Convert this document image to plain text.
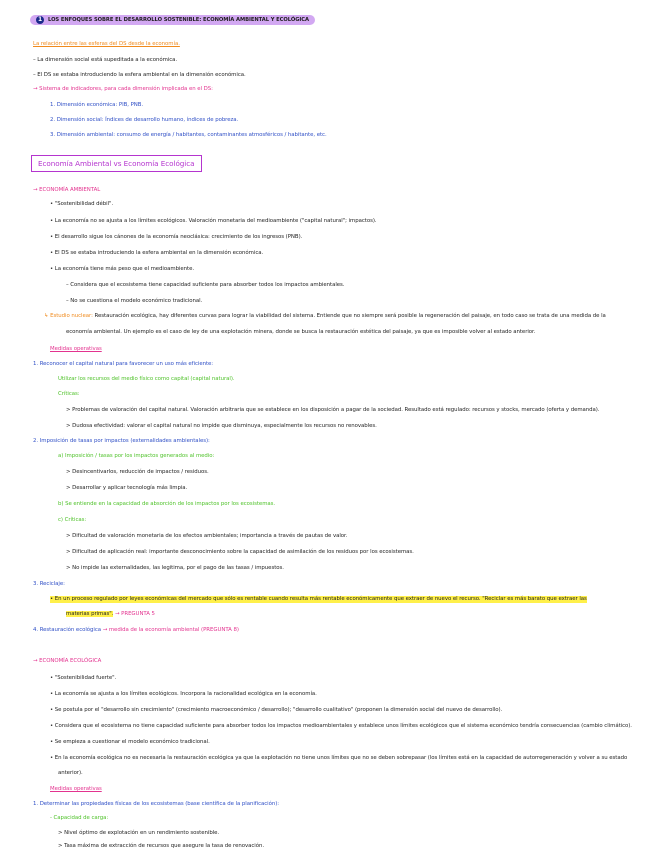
1 LOS ENFOQUES SOBRE EL DESARROLLO SOSTENIBLE: ECONOMÍA AMBIENTAL Y ECOLÓGICA
La relación entre las esferas del DS desde la economía.
– La dimensión social está supeditada a la económica.
– El DS se estaba introduciendo la esfera ambiental en la dimensión económica.
→ Sistema de indicadores, para cada dimensión implicada en el DS:
1. Dimensión económica: PIB, PNB.
2. Dimensión social: Índices de desarrollo humano, índices de pobreza.
3. Dimensión ambiental: consumo de energía / habitantes, contaminantes atmosféricos / habitante, etc.
Economía Ambiental vs Economía Ecológica
→ ECONOMÍA AMBIENTAL
• "Sostenibilidad débil".
• La economía no se ajusta a los límites ecológicos. Valoración monetaria del medioambiente ("capital natural"; impactos).
• El desarrollo sigue los cánones de la economía neoclásica: crecimiento de los ingresos (PNB).
• El DS se estaba introduciendo la esfera ambiental en la dimensión económica.
• La economía tiene más peso que el medioambiente.
– Considera que el ecosistema tiene capacidad suficiente para absorber todos los impactos ambientales.
– No se cuestiona el modelo económico tradicional.
↳ Estudio nuclear: Restauración ecológica, hay diferentes curvas para lograr la viabilidad del sistema. Entiende que no siempre será posible la regeneración del paisaje, en todo caso se trata de una medida de la
economía ambiental. Un ejemplo es el caso de ley de una explotación minera, donde se busca la restauración estética del paisaje, ya que es imposible volver al estado anterior.
Medidas operativas
1. Reconocer el capital natural para favorecer un uso más eficiente:
Utilizar los recursos del medio físico como capital (capital natural).
Críticas:
> Problemas de valoración del capital natural. Valoración arbitraria que se establece en los disposición a pagar de la sociedad. Resultado está regulado: recursos y stocks, mercado (oferta y demanda).
> Dudosa efectividad: valorar el capital natural no impide que disminuya, especialmente los recursos no renovables.
2. Imposición de tasas por impactos (externalidades ambientales):
a) Imposición / tasas por los impactos generados al medio:
> Desincentivarlos, reducción de impactos / residuos.
> Desarrollar y aplicar tecnología más limpia.
b) Se entiende en la capacidad de absorción de los impactos por los ecosistemas.
c) Críticas:
> Dificultad de valoración monetaria de los efectos ambientales; importancia a través de pautas de valor.
> Dificultad de aplicación real: importante desconocimiento sobre la capacidad de asimilación de los residuos por los ecosistemas.
> No impide las externalidades, las legitima, por el pago de las tasas / impuestos.
3. Reciclaje:
• En un proceso regulado por leyes económicas del mercado que sólo es rentable cuando resulta más rentable económicamente que extraer de nuevo el recurso. "Reciclar es más barato que extraer las
materias primas". → PREGUNTA 5
4. Restauración ecológica → medida de la economía ambiental (PREGUNTA 8)
→ ECONOMÍA ECOLÓGICA
• "Sostenibilidad fuerte".
• La economía se ajusta a los límites ecológicos. Incorpora la racionalidad ecológica en la economía.
• Se postula por el "desarrollo sin crecimiento" (crecimiento macroeconómico / desarrollo); "desarrollo cualitativo" (proponen la dimensión social del nuevo de desarrollo).
• Considera que el ecosistema no tiene capacidad suficiente para absorber todos los impactos medioambientales y establece unos límites ecológicos que el sistema económico tendría consecuencias (cambio climático).
• Se empieza a cuestionar el modelo económico tradicional.
• En la economía ecológica no es necesaria la restauración ecológica ya que la explotación no tiene unos límites que no se deben sobrepasar (los límites está en la capacidad de autorregeneración y volver a su estado
anterior).
Medidas operativas
1. Determinar las propiedades físicas de los ecosistemas (base científica de la planificación):
- Capacidad de carga:
> Nivel óptimo de explotación en un rendimiento sostenible.
> Tasa máxima de extracción de recursos que asegure la tasa de renovación.
